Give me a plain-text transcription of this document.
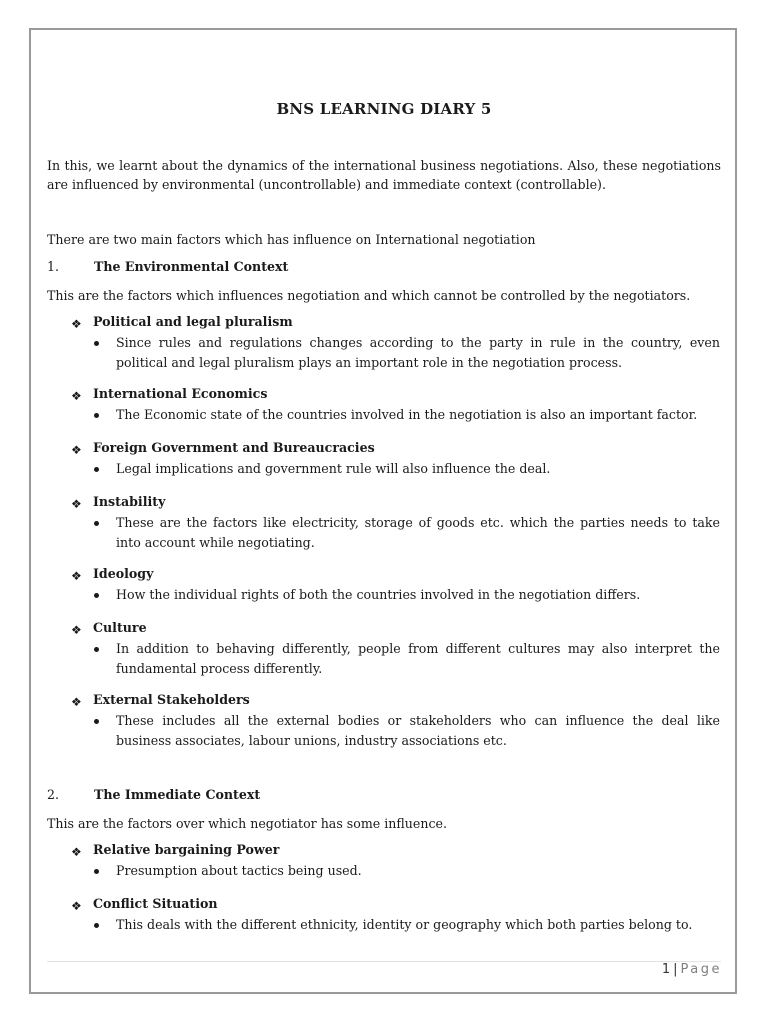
BNS LEARNING DIARY 5
In this, we learnt about the dynamics of the international business negotiations. Also, these negotiations are influenced by environmental (uncontrollable) and immediate context (controllable).
There are two main factors which has influence on International negotiation
1.	The Environmental Context
This are the factors which influences negotiation and which cannot be controlled by the negotiators.
❖ Political and legal pluralism
Since rules and regulations changes according to the party in rule in the country, even political and legal pluralism plays an important role in the negotiation process.
❖ International Economics
The Economic state of the countries involved in the negotiation is also an important factor.
❖ Foreign Government and Bureaucracies
Legal implications and government rule will also influence the deal.
❖ Instability
These are the factors like electricity, storage of goods etc. which the parties needs to take into account while negotiating.
❖ Ideology
How the individual rights of both the countries involved in the negotiation differs.
❖ Culture
In addition to behaving differently, people from different cultures may also interpret the fundamental process differently.
❖ External Stakeholders
These includes all the external bodies or stakeholders who can influence the deal like business associates, labour unions, industry associations etc.
2.	The Immediate Context
This are the factors over which negotiator has some influence.
❖ Relative bargaining Power
Presumption about tactics being used.
❖ Conflict Situation
This deals with the different ethnicity, identity or geography which both parties belong to.
1 | Page
